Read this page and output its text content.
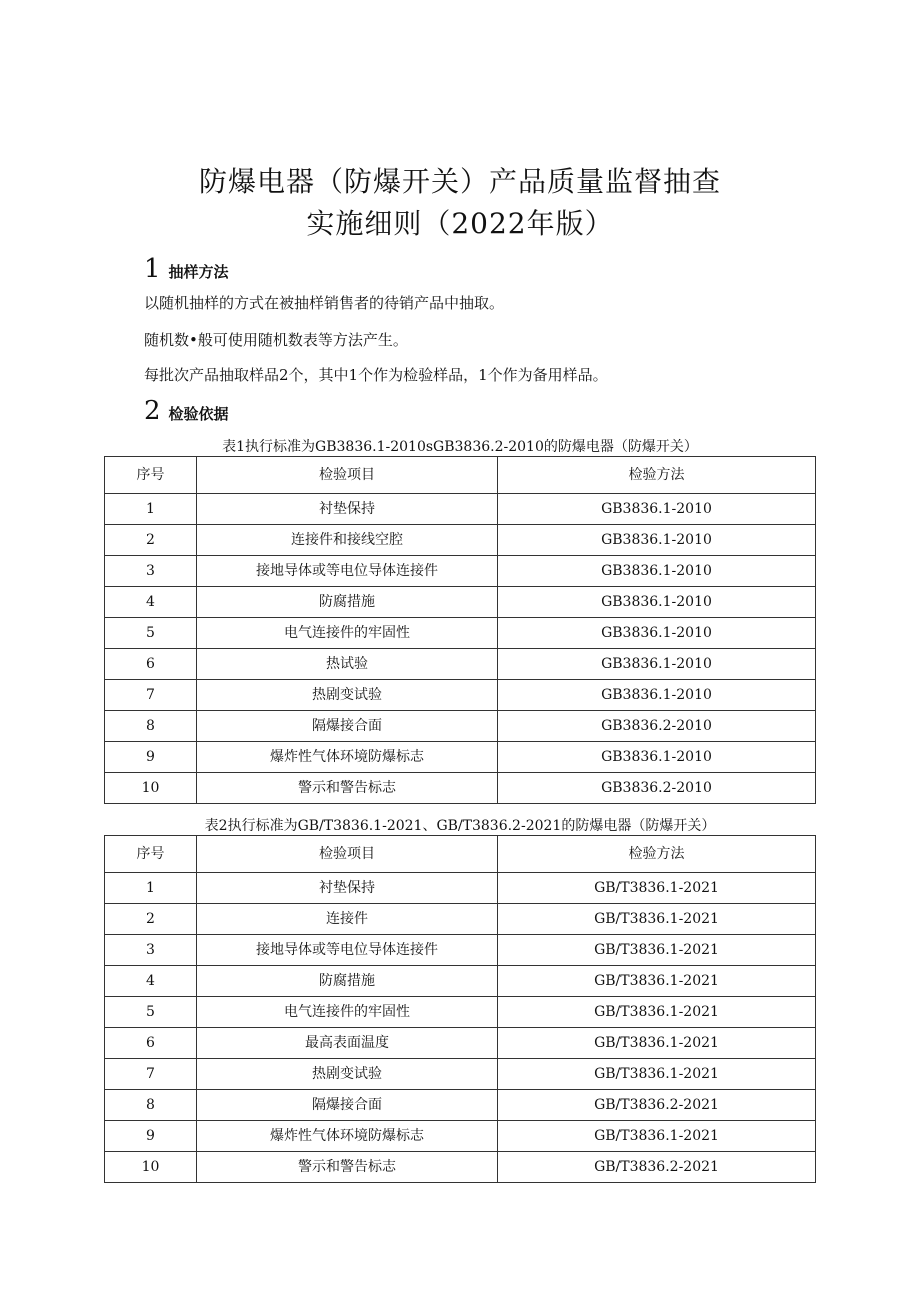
防爆电器（防爆开关）产品质量监督抽查
实施细则（2022年版）
1 抽样方法
以随机抽样的方式在被抽样销售者的待销产品中抽取。
随机数•般可使用随机数表等方法产生。
每批次产品抽取样品2个，其中1个作为检验样品，1个作为备用样品。
2 检验依据
表1执行标准为GB3836.1-2010sGB3836.2-2010的防爆电器（防爆开关）
序号	检验项目	检验方法
1	衬垫保持	GB3836.1-2010
2	连接件和接线空腔	GB3836.1-2010
3	接地导体或等电位导体连接件	GB3836.1-2010
4	防腐措施	GB3836.1-2010
5	电气连接件的牢固性	GB3836.1-2010
6	热试验	GB3836.1-2010
7	热剧变试验	GB3836.1-2010
8	隔爆接合面	GB3836.2-2010
9	爆炸性气体环境防爆标志	GB3836.1-2010
10	警示和警告标志	GB3836.2-2010
表2执行标准为GB/T3836.1-2021、GB/T3836.2-2021的防爆电器（防爆开关）
序号	检验项目	检验方法
1	衬垫保持	GB/T3836.1-2021
2	连接件	GB/T3836.1-2021
3	接地导体或等电位导体连接件	GB/T3836.1-2021
4	防腐措施	GB/T3836.1-2021
5	电气连接件的牢固性	GB/T3836.1-2021
6	最高表面温度	GB/T3836.1-2021
7	热剧变试验	GB/T3836.1-2021
8	隔爆接合面	GB/T3836.2-2021
9	爆炸性气体环境防爆标志	GB/T3836.1-2021
10	警示和警告标志	GB/T3836.2-2021
